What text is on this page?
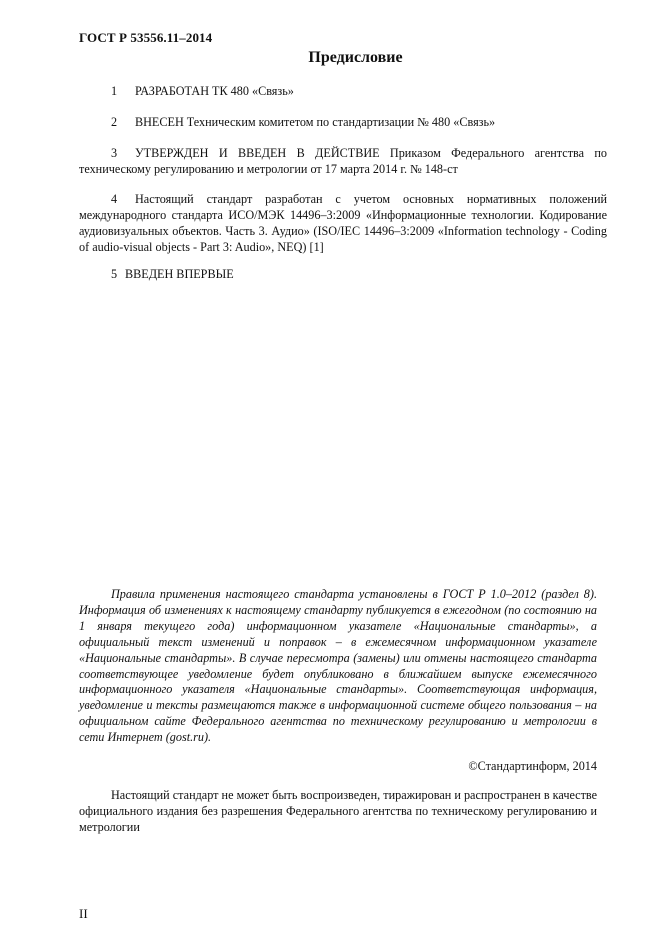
ГОСТ Р 53556.11–2014
Предисловие
1 РАЗРАБОТАН ТК 480 «Связь»
2 ВНЕСЕН Техническим комитетом по стандартизации № 480 «Связь»
3 УТВЕРЖДЕН И ВВЕДЕН В ДЕЙСТВИЕ Приказом Федерального агентства по техническому регулированию и метрологии от 17 марта 2014 г. № 148-ст
4 Настоящий стандарт разработан с учетом основных нормативных положений международного стандарта ИСО/МЭК 14496–3:2009 «Информационные технологии. Кодирование аудиовизуальных объектов. Часть 3. Аудио» (ISO/IEC 14496–3:2009 «Information technology - Coding of audio-visual objects - Part 3: Audio», NEQ) [1]
5 ВВЕДЕН ВПЕРВЫЕ
Правила применения настоящего стандарта установлены в ГОСТ Р 1.0–2012 (раздел 8). Информация об изменениях к настоящему стандарту публикуется в ежегодном (по состоянию на 1 января текущего года) информационном указателе «Национальные стандарты», а официальный текст изменений и поправок – в ежемесячном информационном указателе «Национальные стандарты». В случае пересмотра (замены) или отмены настоящего стандарта соответствующее уведомление будет опубликовано в ближайшем выпуске ежемесячного информационного указателя «Национальные стандарты». Соответствующая информация, уведомление и тексты размещаются также в информационной системе общего пользования – на официальном сайте Федерального агентства по техническому регулированию и метрологии в сети Интернет (gost.ru).
©Стандартинформ, 2014
Настоящий стандарт не может быть воспроизведен, тиражирован и распространен в качестве официального издания без разрешения Федерального агентства по техническому регулированию и метрологии
II
